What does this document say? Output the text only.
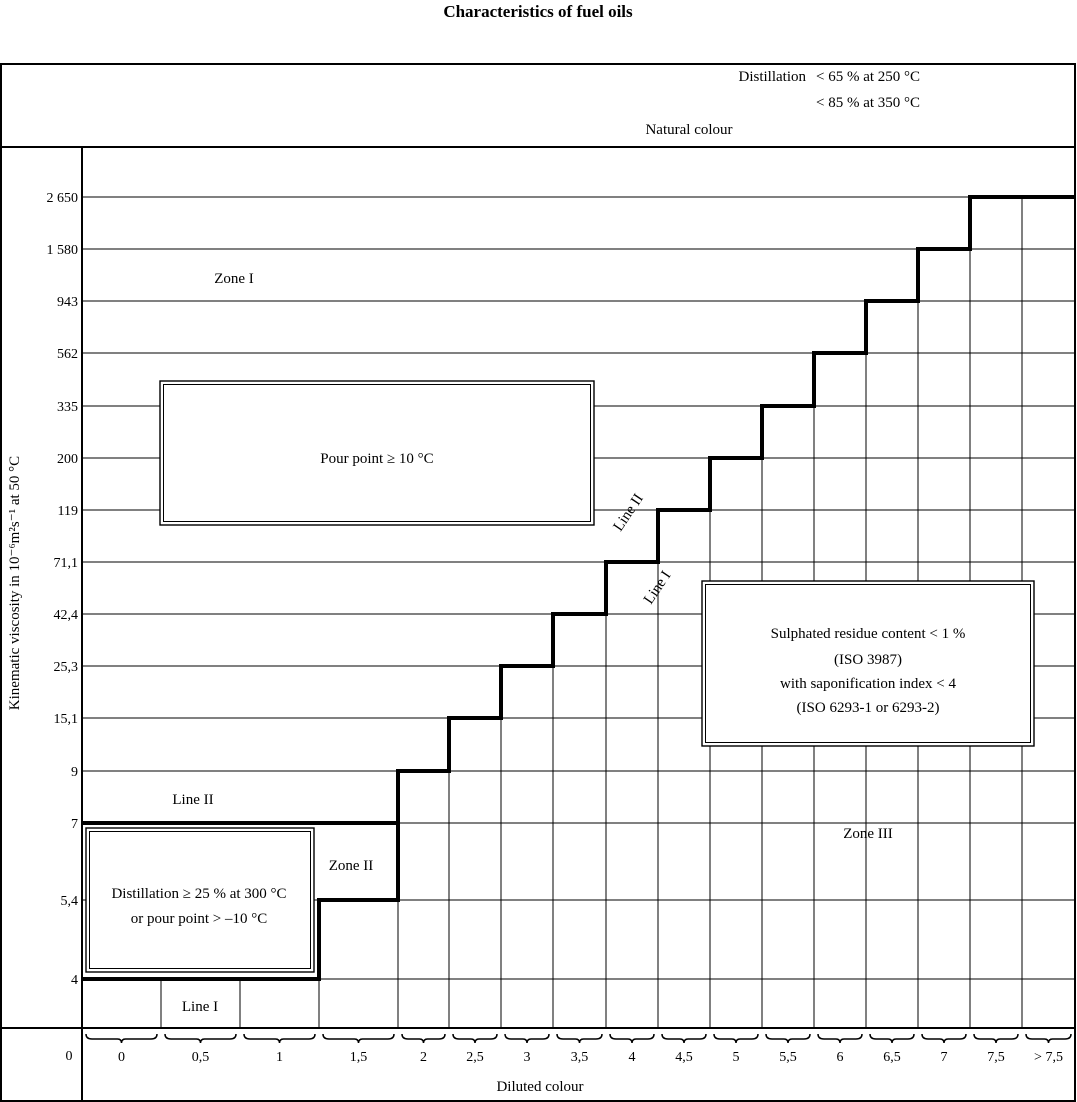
Characteristics of fuel oils
Distillation < 65 % at 250 °C
< 85 % at 350 °C
Natural colour
Kinematic viscosity in 10⁻⁶m²s⁻¹ at 50 °C
0
Diluted colour
Zone I
Zone II
Zone III
Line II
Line I
Line II
Line I
Pour point ≥ 10 °C
Distillation ≥ 25 % at 300 °C
or pour point > –10 °C
Sulphated residue content < 1 %
(ISO 3987)
with saponification index < 4
(ISO 6293-1 or 6293-2)
2 650
1 580
943
562
335
200
119
71,1
42,4
25,3
15,1
9
7
5,4
4
0	0,5	1	1,5	2	2,5	3	3,5	4	4,5	5	5,5	6	6,5	7	7,5 > 7,5
